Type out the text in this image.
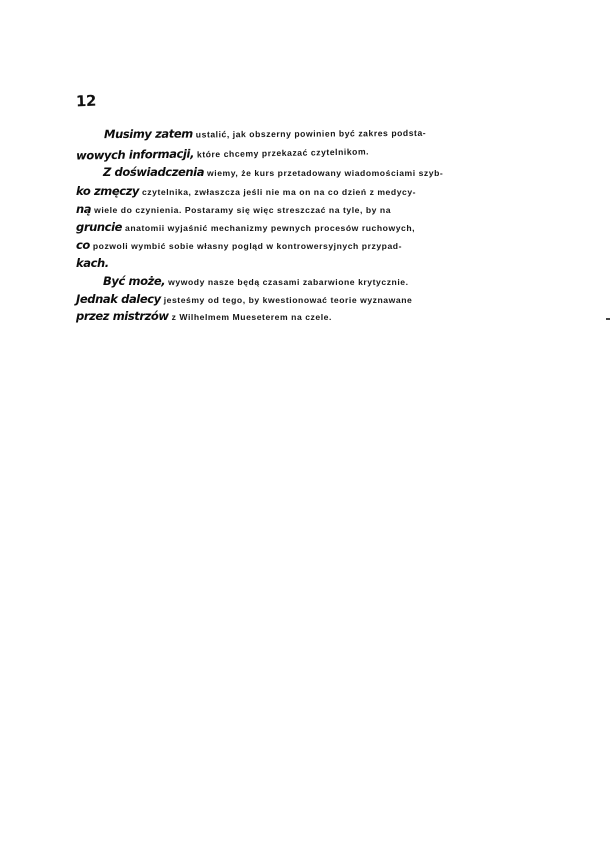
12
Musimy zatem ustalić, jak obszerny powinien być zakres podsta-
wowych informacji, które chcemy przekazać czytelnikom.
Z doświadczenia wiemy, że kurs przetadowany wiadomościami szyb-
ko zmęczy czytelnika, zwłaszcza jeśli nie ma on na co dzień z medycy-
ną wiele do czynienia. Postaramy się więc streszczać na tyle, by na
gruncie anatomii wyjaśnić mechanizmy pewnych procesów ruchowych,
co pozwoli wymbić sobie własny pogląd w kontrowersyjnych przypad-
kach.
Być może, wywody nasze będą czasami zabarwione krytycznie.
Jednak dalecy jesteśmy od tego, by kwestionować teorie wyznawane
przez mistrzów z Wilhelmem Mueseterem na czele.
